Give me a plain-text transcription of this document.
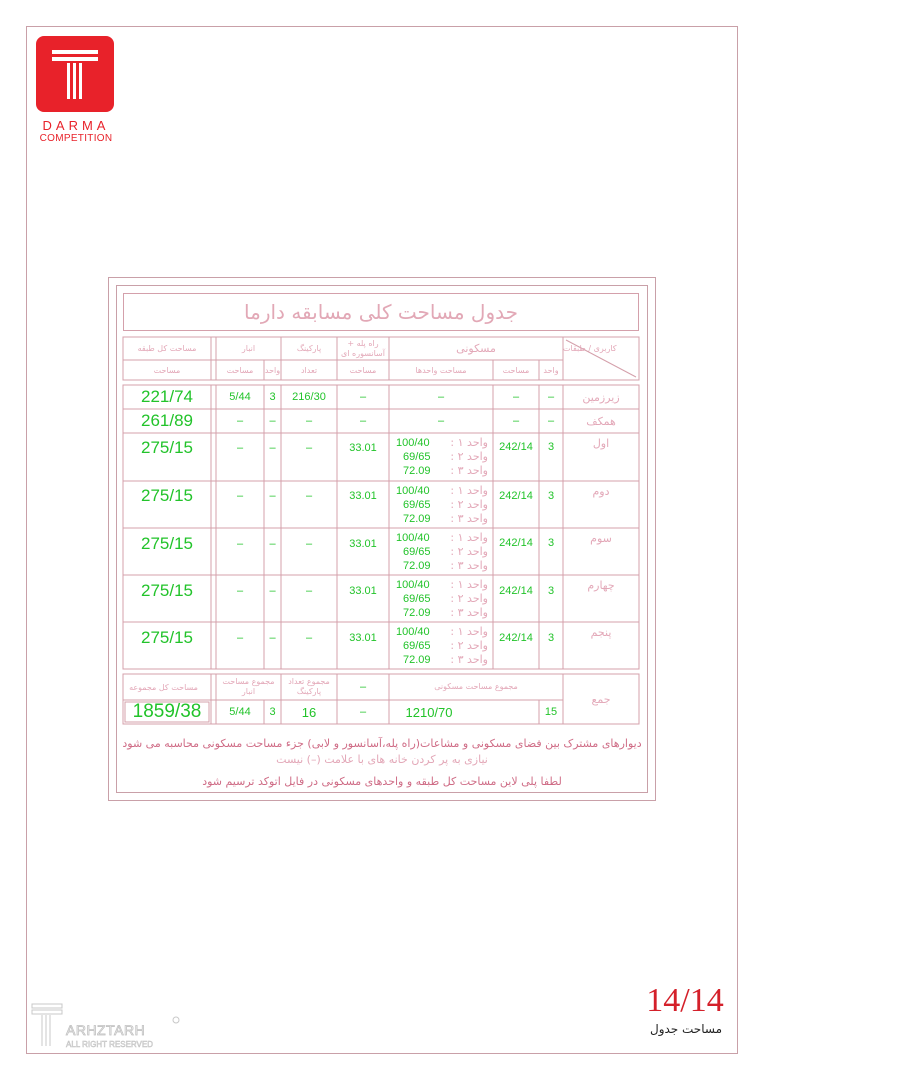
DARMA
COMPETITION
جدول مساحت کلی مسابقه دارما
کاربری / طبقات
مسکونی
واحد
مساحت
مساحت واحدها
راه پله + آسانسوره ای
مساحت
پارکینگ
تعداد
انبار
واحد
مساحت
مساحت کل طبقه
مساحت
زیرزمین
–
–
–
–
216/30
3
5/44
221/74
همکف
–
–
–
–
–
–
–
261/89
اول
3
242/14
واحد ۱ :
100/40
واحد ۲ :
69/65
واحد ۳ :
72.09
33.01
–
–
–
275/15
دوم
3
242/14
واحد ۱ :
100/40
واحد ۲ :
69/65
واحد ۳ :
72.09
33.01
–
–
–
275/15
سوم
3
242/14
واحد ۱ :
100/40
واحد ۲ :
69/65
واحد ۳ :
72.09
33.01
–
–
–
275/15
چهارم
3
242/14
واحد ۱ :
100/40
واحد ۲ :
69/65
واحد ۳ :
72.09
33.01
–
–
–
275/15
پنجم
3
242/14
واحد ۱ :
100/40
واحد ۲ :
69/65
واحد ۳ :
72.09
33.01
–
–
–
275/15
جمع
مجموع مساحت مسکونی
15
1210/70
–
–
مجموع تعداد پارکینگ
16
مجموع مساحت انبار
3
5/44
مساحت کل مجموعه
1859/38
دیوارهای مشترک بین فضای مسکونی و مشاعات(راه پله،آسانسور و لابی) جزء مساحت مسکونی محاسبه می شود
نیازی به پر کردن خانه های با علامت (–) نیست
لطفا پلی لاین مساحت کل طبقه و واحدهای مسکونی در فایل اتوکد ترسیم شود
14/14
مساحت جدول
ARHZTARH
ALL RIGHT RESERVED
